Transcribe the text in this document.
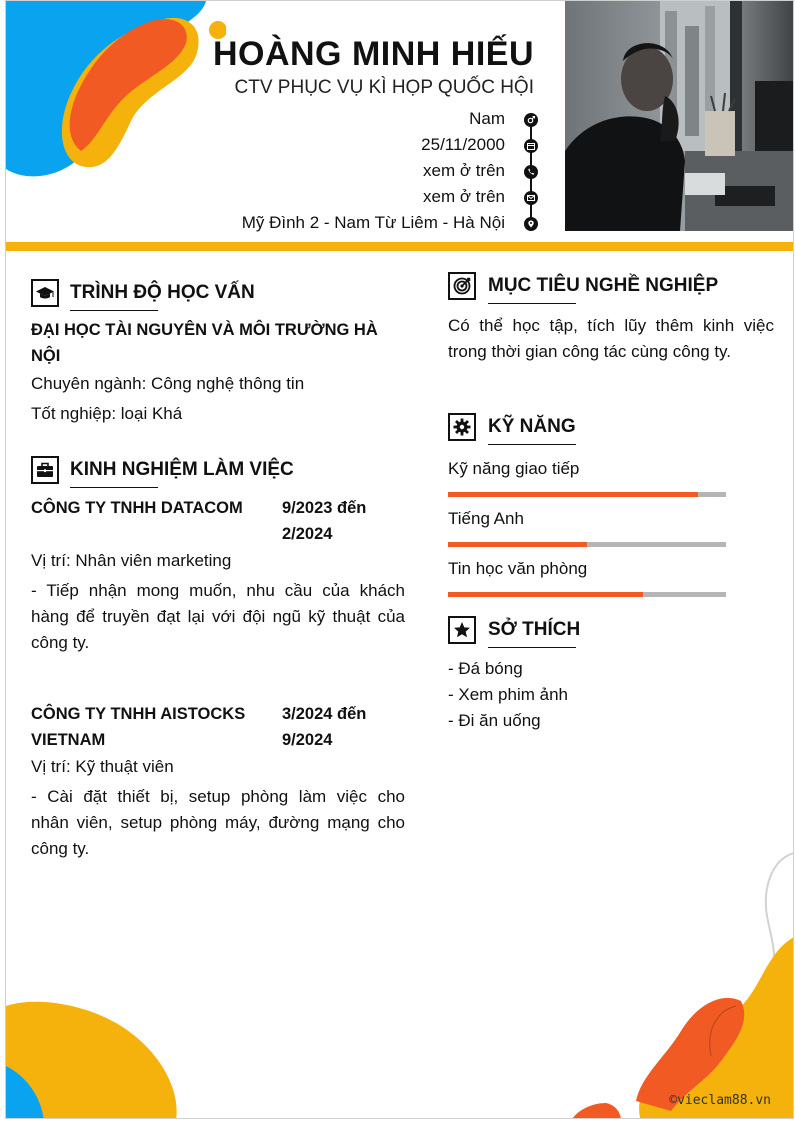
HOÀNG MINH HIẾU
CTV PHỤC VỤ KÌ HỌP QUỐC HỘI
Nam
25/11/2000
xem ở trên
xem ở trên
Mỹ Đình 2 - Nam Từ Liêm - Hà Nội
TRÌNH ĐỘ HỌC VẤN
ĐẠI HỌC TÀI NGUYÊN VÀ MÔI TRƯỜNG HÀ
NỘI
Chuyên ngành: Công nghệ thông tin
Tốt nghiệp: loại Khá
KINH NGHIỆM LÀM VIỆC
CÔNG TY TNHH DATACOM 9/2023 đến
2/2024
Vị trí: Nhân viên marketing
- Tiếp nhận mong muốn, nhu cầu của khách
hàng để truyền đạt lại với đội ngũ kỹ thuật của
công ty.
CÔNG TY TNHH AISTOCKS
VIETNAM
3/2024 đến
9/2024
Vị trí: Kỹ thuật viên
- Cài đặt thiết bị, setup phòng làm việc cho
nhân viên, setup phòng máy, đường mạng cho
công ty.
MỤC TIÊU NGHỀ NGHIỆP
Có thể học tập, tích lũy thêm kinh việc
trong thời gian công tác cùng công ty.
KỸ NĂNG
Kỹ năng giao tiếp
Tiếng Anh
Tin học văn phòng
SỞ THÍCH
- Đá bóng
- Xem phim ảnh
- Đi ăn uống
©vieclam88.vn
